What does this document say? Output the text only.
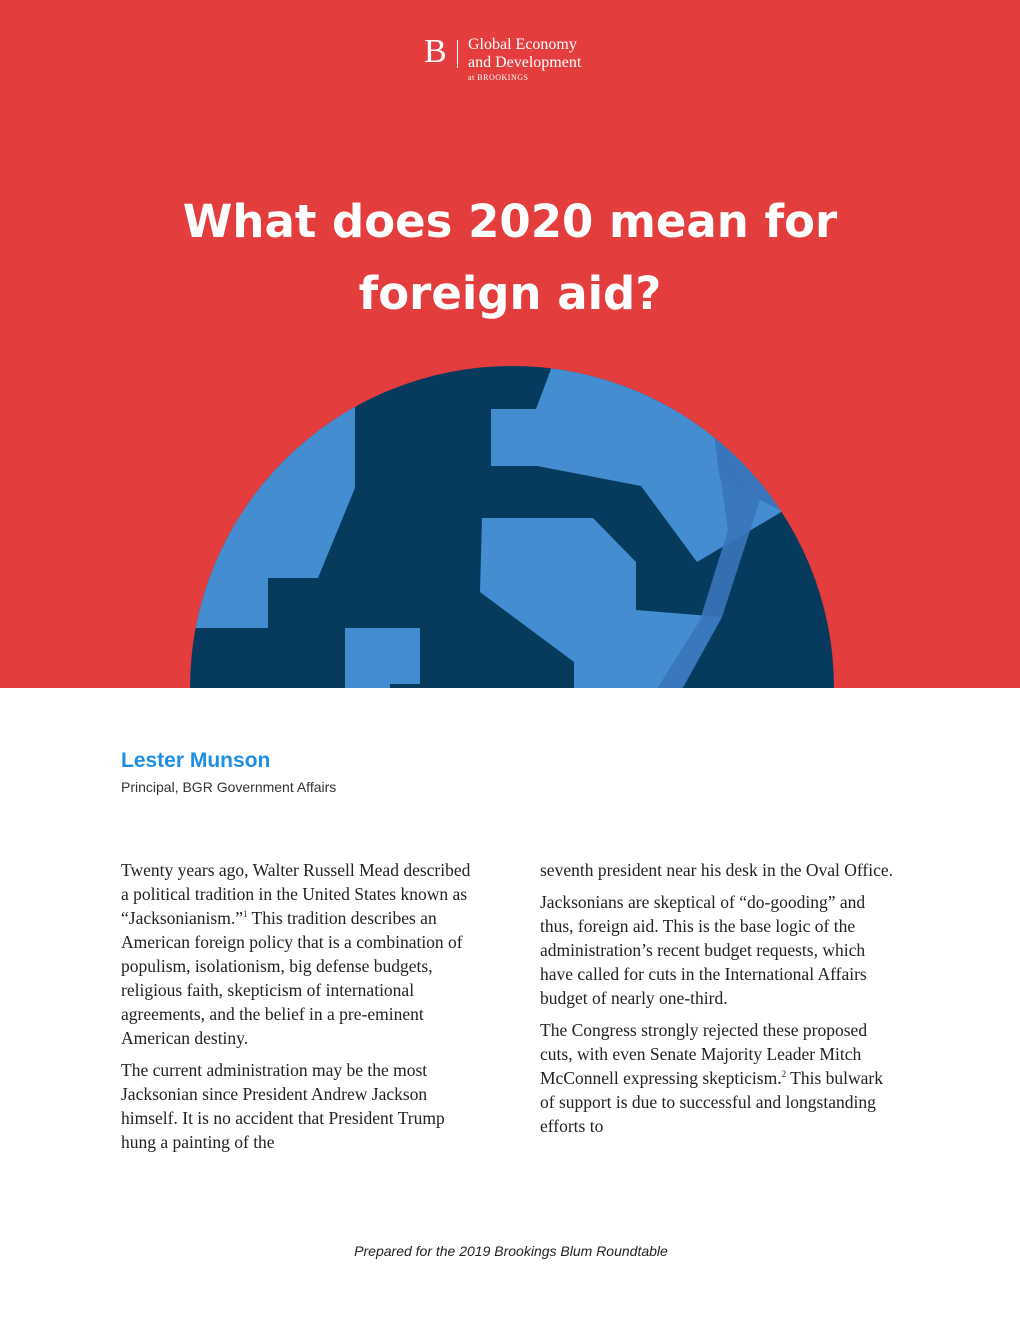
B Global Economy
and Development
at BROOKINGS
What does 2020 mean for
foreign aid?

Lester Munson

Principal, BGR Government Affairs

Twenty years ago, Walter Russell Mead described a political tradition in the United States known as “Jacksonianism.”$^1$ This tradition describes an American foreign policy that is a combination of populism, isolationism, big defense budgets, religious faith, skepticism of international agreements, and the belief in a pre-eminent American destiny.

The current administration may be the most Jacksonian since President Andrew Jackson himself. It is no accident that President Trump hung a painting of the

seventh president near his desk in the Oval Office.

Jacksonians are skeptical of “do-gooding” and thus, foreign aid. This is the base logic of the administration’s recent budget requests, which have called for cuts in the International Affairs budget of nearly one-third.

The Congress strongly rejected these proposed cuts, with even Senate Majority Leader Mitch McConnell expressing skepticism.$^2$ This bulwark of support is due to successful and longstanding efforts to

Prepared for the 2019 Brookings Blum Roundtable
